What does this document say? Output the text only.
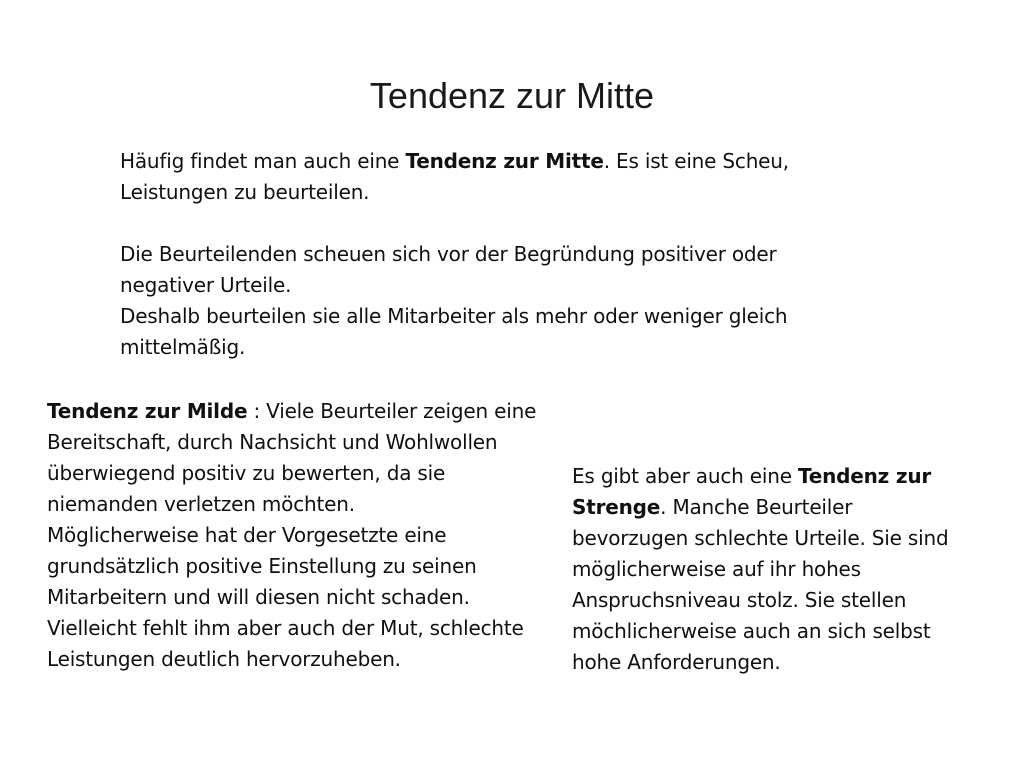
Tendenz zur Mitte

Häufig findet man auch eine Tendenz zur Mitte. Es ist eine Scheu, Leistungen zu beurteilen.

Die Beurteilenden scheuen sich vor der Begründung positiver oder negativer Urteile.

Deshalb beurteilen sie alle Mitarbeiter als mehr oder weniger gleich mittelmäßig.

Tendenz zur Milde : Viele Beurteiler zeigen eine Bereitschaft, durch Nachsicht und Wohlwollen überwiegend positiv zu bewerten, da sie niemanden verletzen möchten.

Möglicherweise hat der Vorgesetzte eine grundsätzlich positive Einstellung zu seinen Mitarbeitern und will diesen nicht schaden. Vielleicht fehlt ihm aber auch der Mut, schlechte Leistungen deutlich hervorzuheben.

Es gibt aber auch eine Tendenz zur Strenge. Manche Beurteiler bevorzugen schlechte Urteile. Sie sind möglicherweise auf ihr hohes Anspruchsniveau stolz. Sie stellen möchlicherweise auch an sich selbst hohe Anforderungen.
